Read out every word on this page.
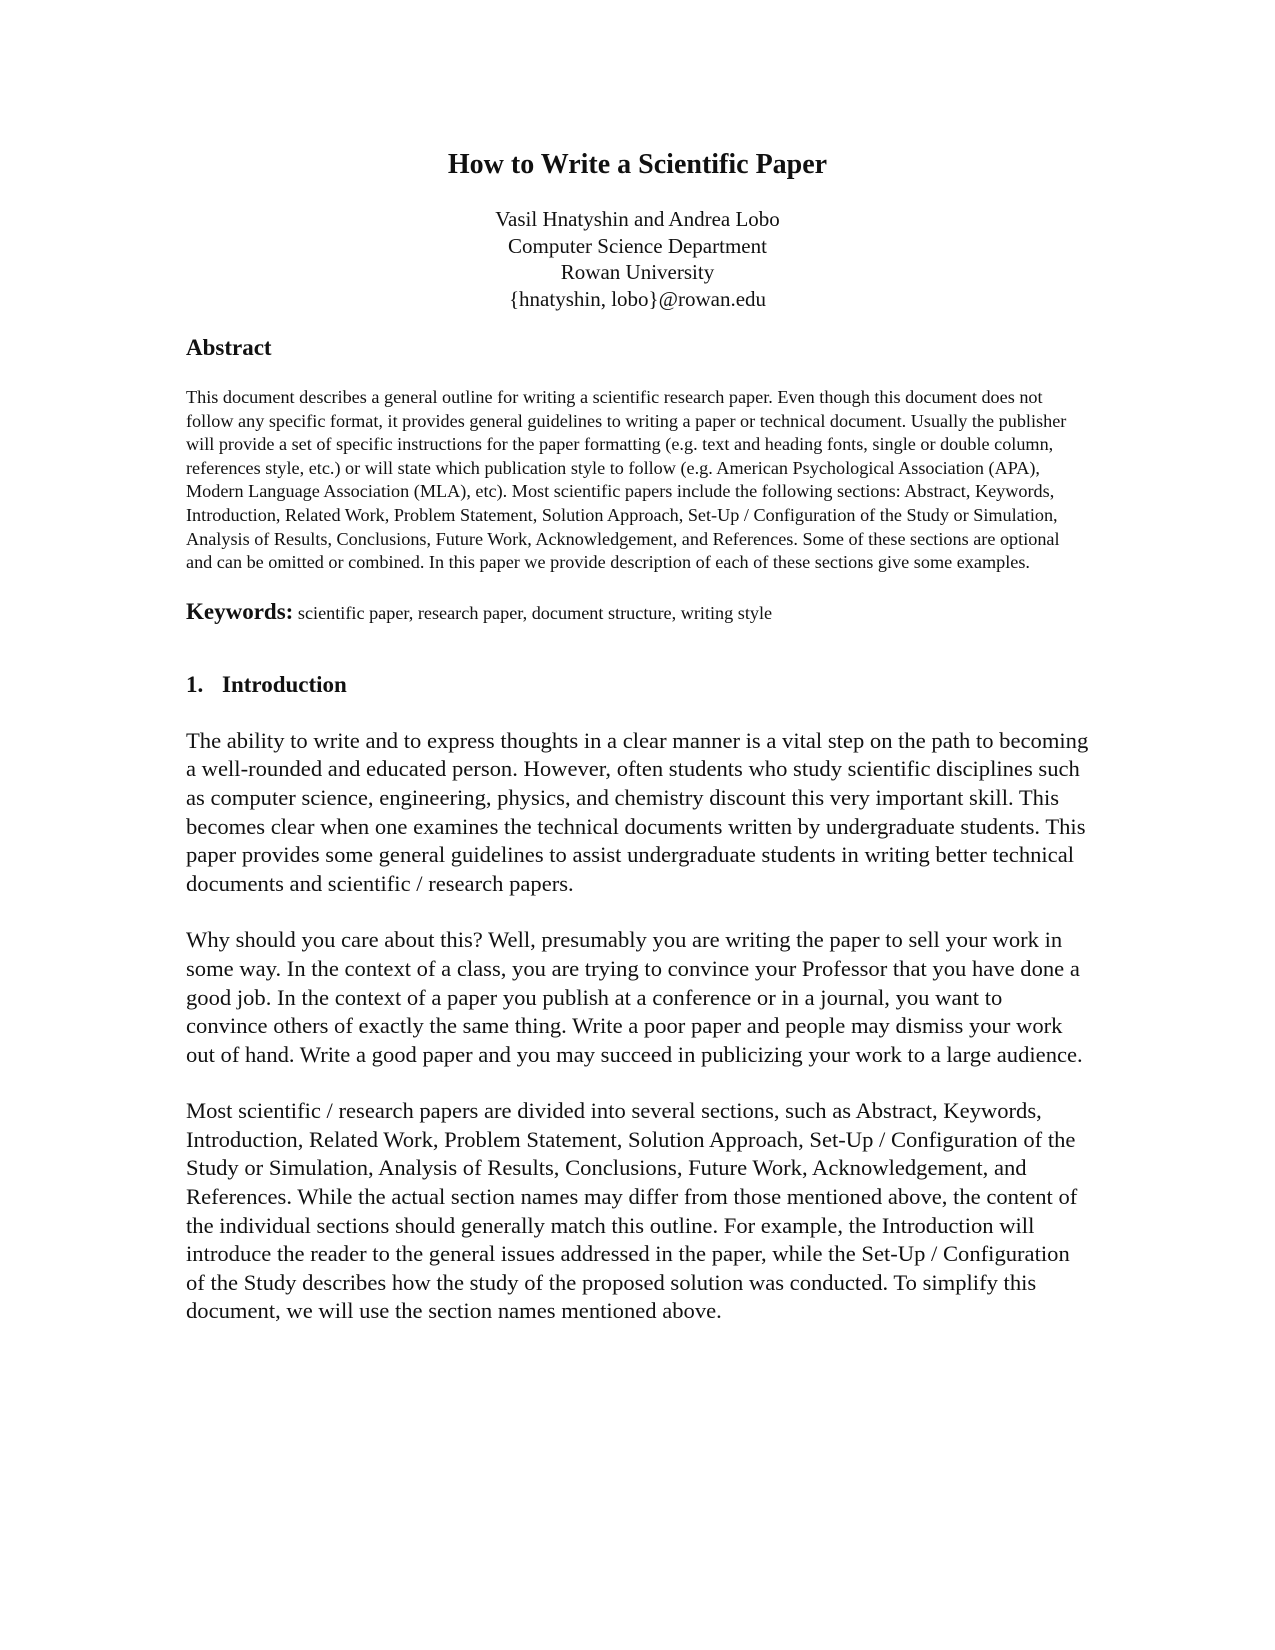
How to Write a Scientific Paper
Vasil Hnatyshin and Andrea Lobo
Computer Science Department
Rowan University
{hnatyshin, lobo}@rowan.edu
Abstract

This document describes a general outline for writing a scientific research paper. Even though this document does not follow any specific format, it provides general guidelines to writing a paper or technical document. Usually the publisher will provide a set of specific instructions for the paper formatting (e.g. text and heading fonts, single or double column, references style, etc.) or will state which publication style to follow (e.g. American Psychological Association (APA), Modern Language Association (MLA), etc). Most scientific papers include the following sections: Abstract, Keywords, Introduction, Related Work, Problem Statement, Solution Approach, Set-Up / Configuration of the Study or Simulation, Analysis of Results, Conclusions, Future Work, Acknowledgement, and References. Some of these sections are optional and can be omitted or combined. In this paper we provide description of each of these sections give some examples.

Keywords: scientific paper, research paper, document structure, writing style

1. Introduction

The ability to write and to express thoughts in a clear manner is a vital step on the path to becoming a well-rounded and educated person. However, often students who study scientific disciplines such as computer science, engineering, physics, and chemistry discount this very important skill. This becomes clear when one examines the technical documents written by undergraduate students. This paper provides some general guidelines to assist undergraduate students in writing better technical documents and scientific / research papers.

Why should you care about this? Well, presumably you are writing the paper to sell your work in some way. In the context of a class, you are trying to convince your Professor that you have done a good job. In the context of a paper you publish at a conference or in a journal, you want to convince others of exactly the same thing. Write a poor paper and people may dismiss your work out of hand. Write a good paper and you may succeed in publicizing your work to a large audience.

Most scientific / research papers are divided into several sections, such as Abstract, Keywords, Introduction, Related Work, Problem Statement, Solution Approach, Set-Up / Configuration of the Study or Simulation, Analysis of Results, Conclusions, Future Work, Acknowledgement, and References. While the actual section names may differ from those mentioned above, the content of the individual sections should generally match this outline. For example, the Introduction will introduce the reader to the general issues addressed in the paper, while the Set-Up / Configuration of the Study describes how the study of the proposed solution was conducted. To simplify this document, we will use the section names mentioned above.
